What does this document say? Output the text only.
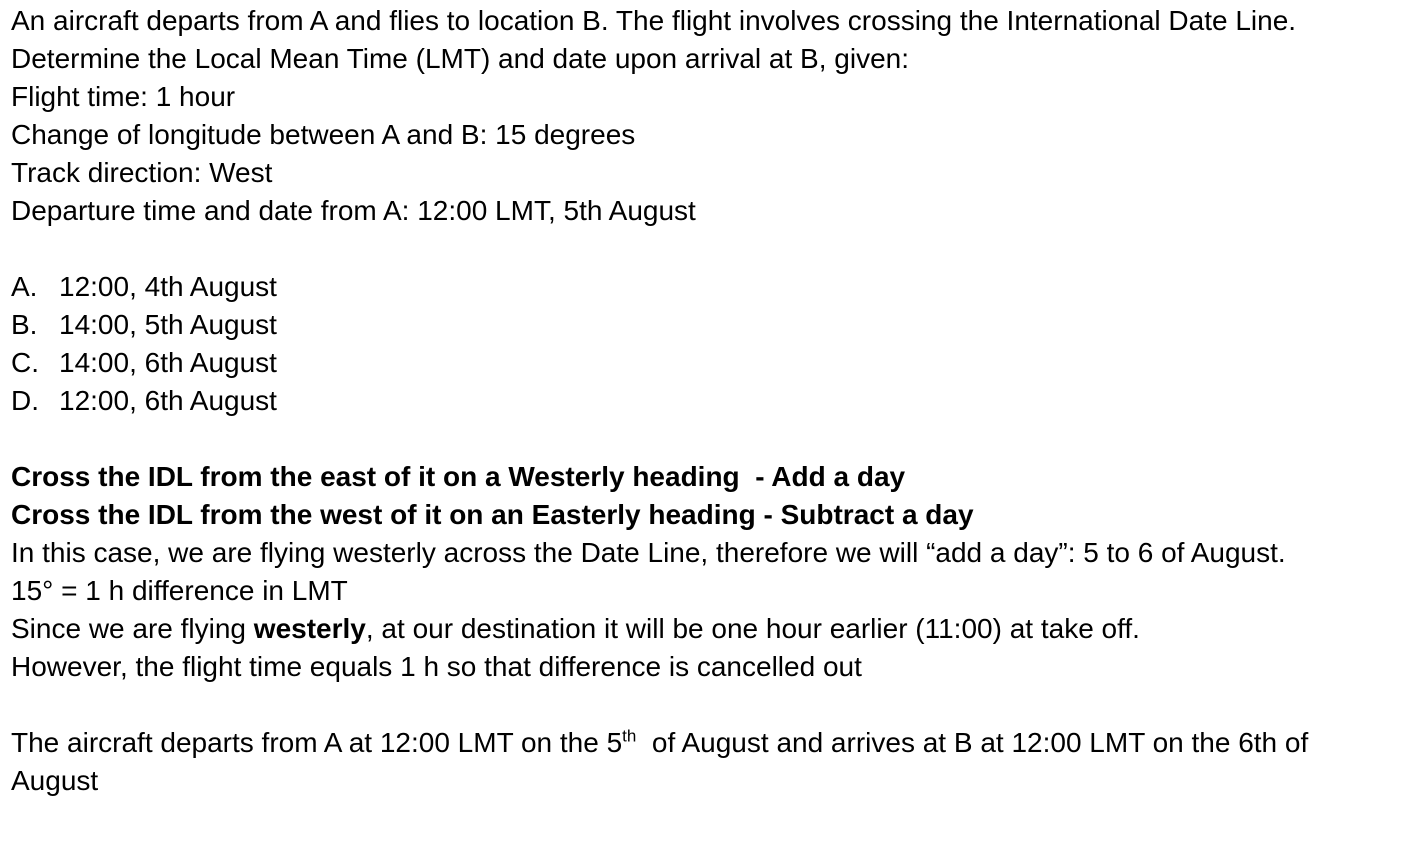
An aircraft departs from A and flies to location B. The flight involves crossing the International Date Line. Determine the Local Mean Time (LMT) and date upon arrival at B, given:
Flight time: 1 hour
Change of longitude between A and B: 15 degrees
Track direction: West
Departure time and date from A: 12:00 LMT, 5th August
A. 12:00, 4th August
B. 14:00, 5th August
C. 14:00, 6th August
D. 12:00, 6th August
Cross the IDL from the east of it on a Westerly heading  - Add a day
Cross the IDL from the west of it on an Easterly heading - Subtract a day
In this case, we are flying westerly across the Date Line, therefore we will “add a day”: 5 to 6 of August.
15° = 1 h difference in LMT
Since we are flying westerly, at our destination it will be one hour earlier (11:00) at take off.
However, the flight time equals 1 h so that difference is cancelled out
The aircraft departs from A at 12:00 LMT on the 5th  of August and arrives at B at 12:00 LMT on the 6th of August
